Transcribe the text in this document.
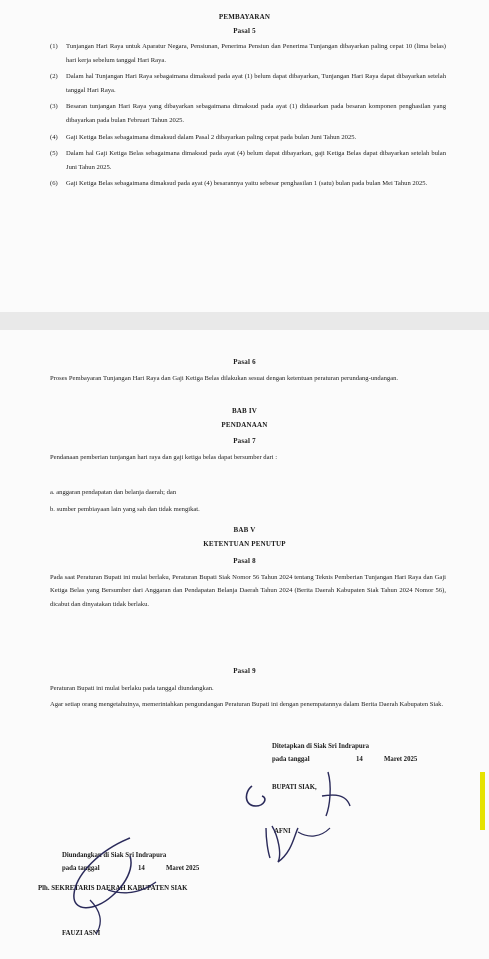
PEMBAYARAN
Pasal 5
(1)	Tunjangan Hari Raya untuk Aparatur Negara, Pensiunan, Penerima Pensiun dan Penerima Tunjangan dibayarkan paling cepat 10 (lima belas) hari kerja sebelum tanggal Hari Raya.
(2)	Dalam hal Tunjangan Hari Raya sebagaimana dimaksud pada ayat (1) belum dapat dibayarkan, Tunjangan Hari Raya dapat dibayarkan setelah tanggal Hari Raya.
(3)	Besaran tunjangan Hari Raya yang dibayarkan sebagaimana dimaksud pada ayat (1) didasarkan pada besaran komponen penghasilan yang dibayarkan pada bulan Februari Tahun 2025.
(4)	Gaji Ketiga Belas sebagaimana dimaksud dalam Pasal 2 dibayarkan paling cepat pada bulan Juni Tahun 2025.
(5)	Dalam hal Gaji Ketiga Belas sebagaimana dimaksud pada ayat (4) belum dapat dibayarkan, gaji Ketiga Belas dapat dibayarkan setelah bulan Juni Tahun 2025.
(6)	Gaji Ketiga Belas sebagaimana dimaksud pada ayat (4) besarannya yaitu sebesar penghasilan 1 (satu) bulan pada bulan Mei Tahun 2025.
Pasal 6
Proses Pembayaran Tunjangan Hari Raya dan Gaji Ketiga Belas dilakukan sesuai dengan ketentuan peraturan perundang-undangan.
BAB IV
PENDANAAN
Pasal 7
Pendanaan pemberian tunjangan hari raya dan gaji ketiga belas dapat bersumber dari :
a. anggaran pendapatan dan belanja daerah; dan
b. sumber pembiayaan lain yang sah dan tidak mengikat.
BAB V
KETENTUAN PENUTUP
Pasal 8
Pada saat Peraturan Bupati ini mulai berlaku, Peraturan Bupati Siak Nomor 56 Tahun 2024 tentang Teknis Pemberian Tunjangan Hari Raya dan Gaji Ketiga Belas yang Bersumber dari Anggaran dan Pendapatan Belanja Daerah Tahun 2024 (Berita Daerah Kabupaten Siak Tahun 2024 Nomor 56), dicabut dan dinyatakan tidak berlaku.
Pasal 9
Peraturan Bupati ini mulai berlaku pada tanggal diundangkan.
Agar setiap orang mengetahuinya, memerintahkan pengundangan Peraturan Bupati ini dengan penempatannya dalam Berita Daerah Kabupaten Siak.
Ditetapkan di Siak Sri Indrapura
pada tanggal	14	Maret 2025
BUPATI SIAK,
AFNI
Diundangkan di Siak Sri Indrapura
pada tanggal	14	Maret 2025
Plh. SEKRETARIS DAERAH KABUPATEN SIAK
FAUZI ASNI
